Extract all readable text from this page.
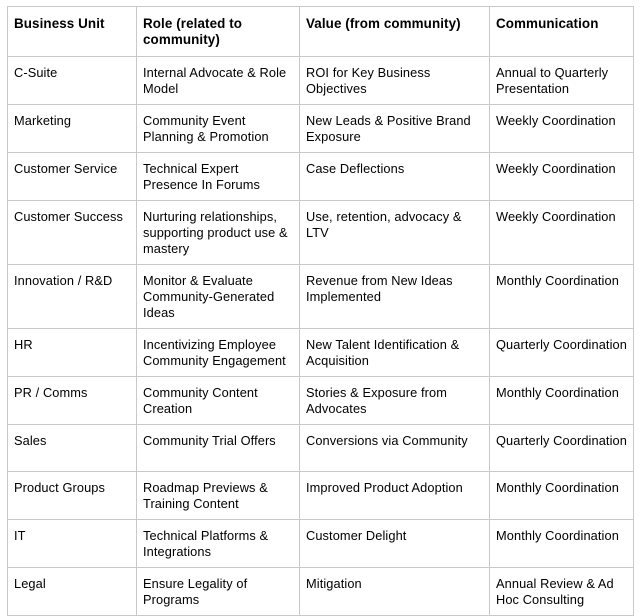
Business Unit	Role (related to community)	Value (from community)	Communication
C-Suite	Internal Advocate & Role Model	ROI for Key Business Objectives	Annual to Quarterly Presentation
Marketing	Community Event Planning & Promotion	New Leads & Positive Brand Exposure	Weekly Coordination
Customer Service	Technical Expert Presence In Forums	Case Deflections	Weekly Coordination
Customer Success	Nurturing relationships, supporting product use & mastery	Use, retention, advocacy & LTV	Weekly Coordination
Innovation / R&D	Monitor & Evaluate Community-Generated Ideas	Revenue from New Ideas Implemented	Monthly Coordination
HR	Incentivizing Employee Community Engagement	New Talent Identification & Acquisition	Quarterly Coordination
PR / Comms	Community Content Creation	Stories & Exposure from Advocates	Monthly Coordination
Sales	Community Trial Offers	Conversions via Community	Quarterly Coordination
Product Groups	Roadmap Previews & Training Content	Improved Product Adoption	Monthly Coordination
IT	Technical Platforms & Integrations	Customer Delight	Monthly Coordination
Legal	Ensure Legality of Programs	Mitigation	Annual Review & Ad Hoc Consulting
